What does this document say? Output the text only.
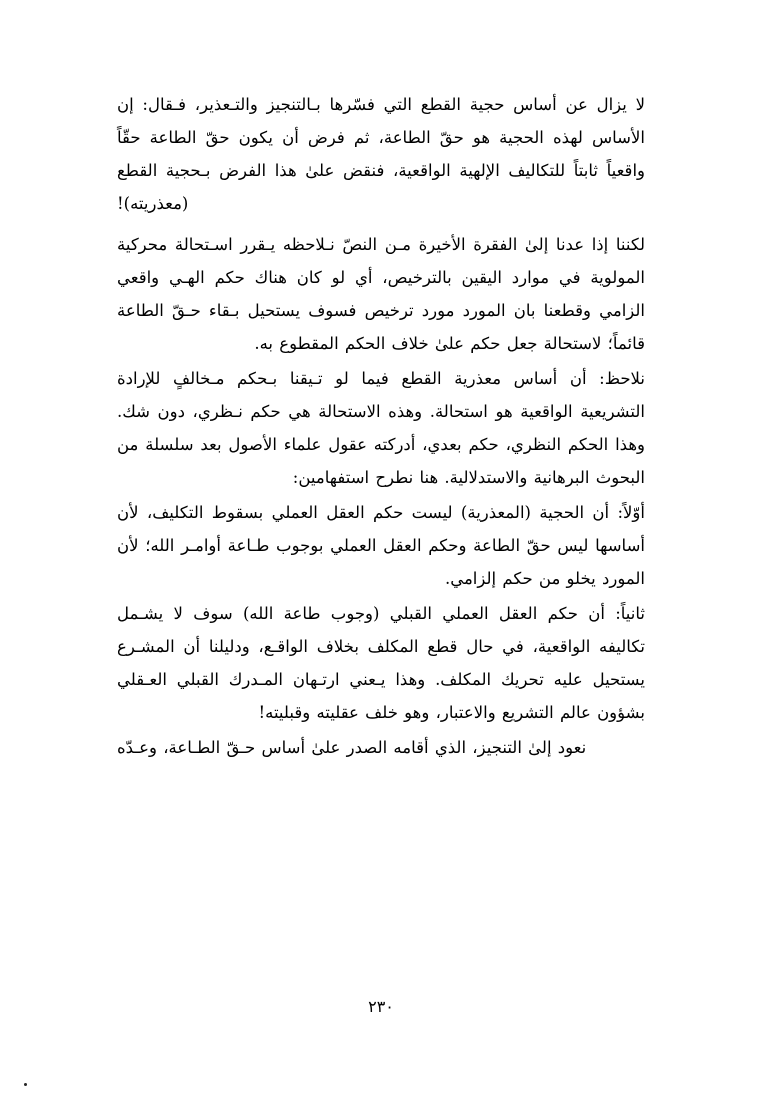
لا يزال عن أساس حجية القطع التي فسّرها بـالتنجيز والتـعذير، فـقال: إن الأساس لهذه الحجية هو حقّ الطاعة، ثم فرض أن يكون حقّ الطاعة حقّاً واقعياً ثابتاً للتكاليف الإلهية الواقعية، فنقض علىٰ هذا الفرض بـحجية القطع (معذريته)!

لكننا إذا عدنا إلىٰ الفقرة الأخيرة مـن النصّ نـلاحظه يـقرر اسـتحالة محركية المولوية في موارد اليقين بالترخيص، أي لو كان هناك حكم الهـي واقعي الزامي وقطعنا بان المورد مورد ترخيص فسوف يستحيل بـقاء حـقّ الطاعة قائماً؛ لاستحالة جعل حكم علىٰ خلاف الحكم المقطوع به.

نلاحظ: أن أساس معذرية القطع فيما لو تـيقنا بـحكم مـخالفٍ للإرادة التشريعية الواقعية هو استحالة. وهذه الاستحالة هي حكم نـظري، دون شك. وهذا الحكم النظري، حكم بعدي، أدركته عقول علماء الأصول بعد سلسلة من البحوث البرهانية والاستدلالية. هنا نطرح استفهامين:

أوّلاً: أن الحجية (المعذرية) ليست حكم العقل العملي بسقوط التكليف، لأن أساسها ليس حقّ الطاعة وحكم العقل العملي بوجوب طـاعة أوامـر الله؛ لأن المورد يخلو من حكم إلزامي.

ثانياً: أن حكم العقل العملي القبلي (وجوب طاعة الله) سوف لا يشـمل تكاليفه الواقعية، في حال قطع المكلف بخلاف الواقـع، ودليلنا أن المشـرع يستحيل عليه تحريك المكلف. وهذا يـعني ارتـهان المـدرك القبلي العـقلي بشؤون عالم التشريع والاعتبار، وهو خلف عقليته وقبليته!

نعود إلىٰ التنجيز، الذي أقامه الصدر علىٰ أساس حـقّ الطـاعة، وعـدّه

٢٣٠
